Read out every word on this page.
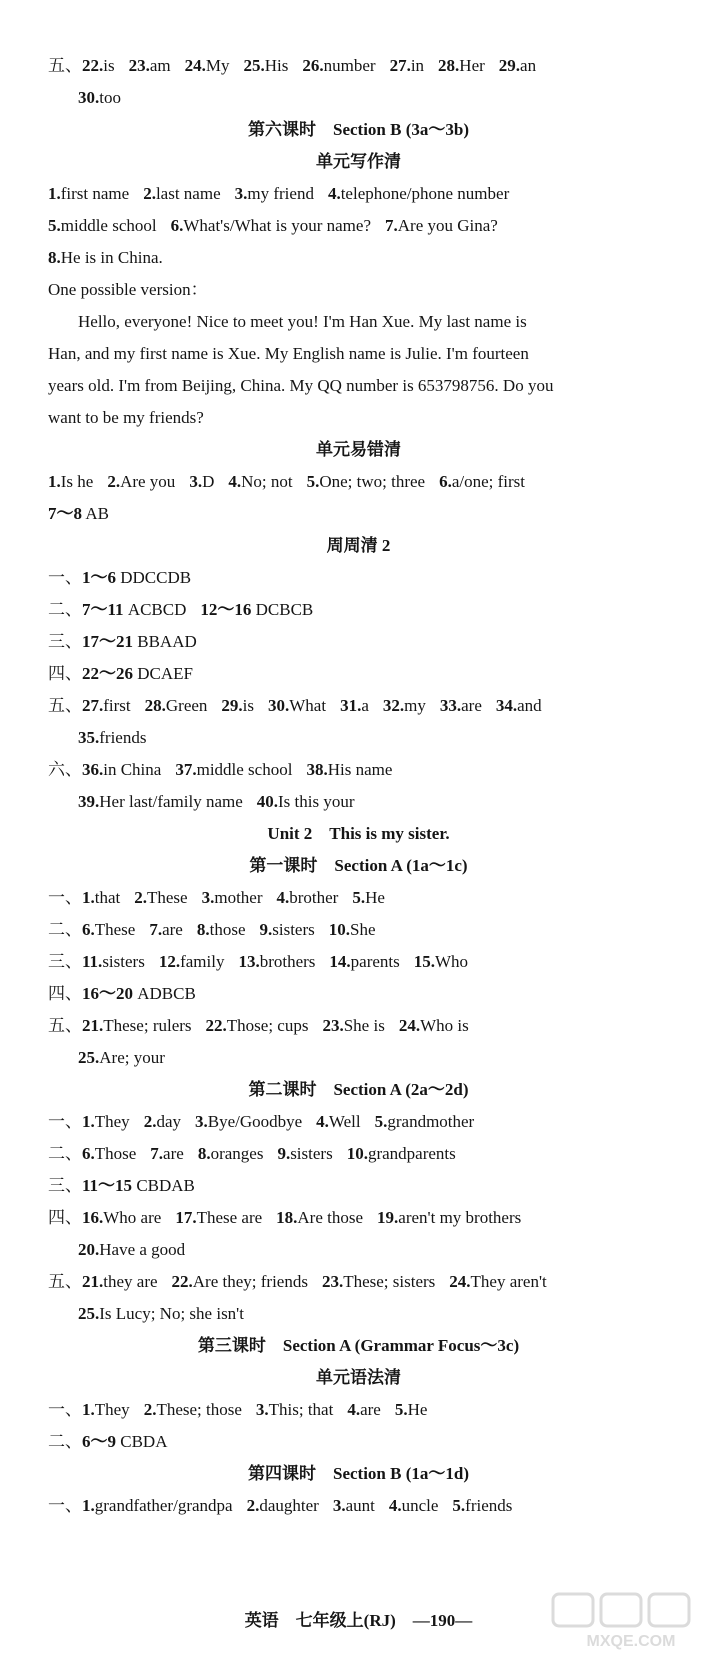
五、22.is 23.am 24.My 25.His 26.number 27.in 28.Her 29.an
30.too
第六课时　Section B (3a～3b)
单元写作清
1.first name 2.last name 3.my friend 4.telephone/phone number
5.middle school 6.What's/What is your name? 7.Are you Gina?
8.He is in China.
One possible version：
Hello, everyone! Nice to meet you! I'm Han Xue. My last name is
Han, and my first name is Xue. My English name is Julie. I'm fourteen
years old. I'm from Beijing, China. My QQ number is 653798756. Do you
want to be my friends?
单元易错清
1.Is he 2.Are you 3.D 4.No; not 5.One; two; three 6.a/one; first
7～8 AB
周周清 2
一、1～6 DDCCDB
二、7～11 ACBCD 12～16 DCBCB
三、17～21 BBAAD
四、22～26 DCAEF
五、27.first 28.Green 29.is 30.What 31.a 32.my 33.are 34.and
35.friends
六、36.in China 37.middle school 38.His name
39.Her last/family name 40.Is this your
Unit 2　This is my sister.
第一课时　Section A (1a～1c)
一、1.that 2.These 3.mother 4.brother 5.He
二、6.These 7.are 8.those 9.sisters 10.She
三、11.sisters 12.family 13.brothers 14.parents 15.Who
四、16～20 ADBCB
五、21.These; rulers 22.Those; cups 23.She is 24.Who is
25.Are; your
第二课时　Section A (2a～2d)
一、1.They 2.day 3.Bye/Goodbye 4.Well 5.grandmother
二、6.Those 7.are 8.oranges 9.sisters 10.grandparents
三、11～15 CBDAB
四、16.Who are 17.These are 18.Are those 19.aren't my brothers
20.Have a good
五、21.they are 22.Are they; friends 23.These; sisters 24.They aren't
25.Is Lucy; No; she isn't
第三课时　Section A (Grammar Focus～3c)
单元语法清
一、1.They 2.These; those 3.This; that 4.are 5.He
二、6～9 CBDA
第四课时　Section B (1a～1d)
一、1.grandfather/grandpa 2.daughter 3.aunt 4.uncle 5.friends
英语　七年级上(RJ)　—190—
MXQE.COM
